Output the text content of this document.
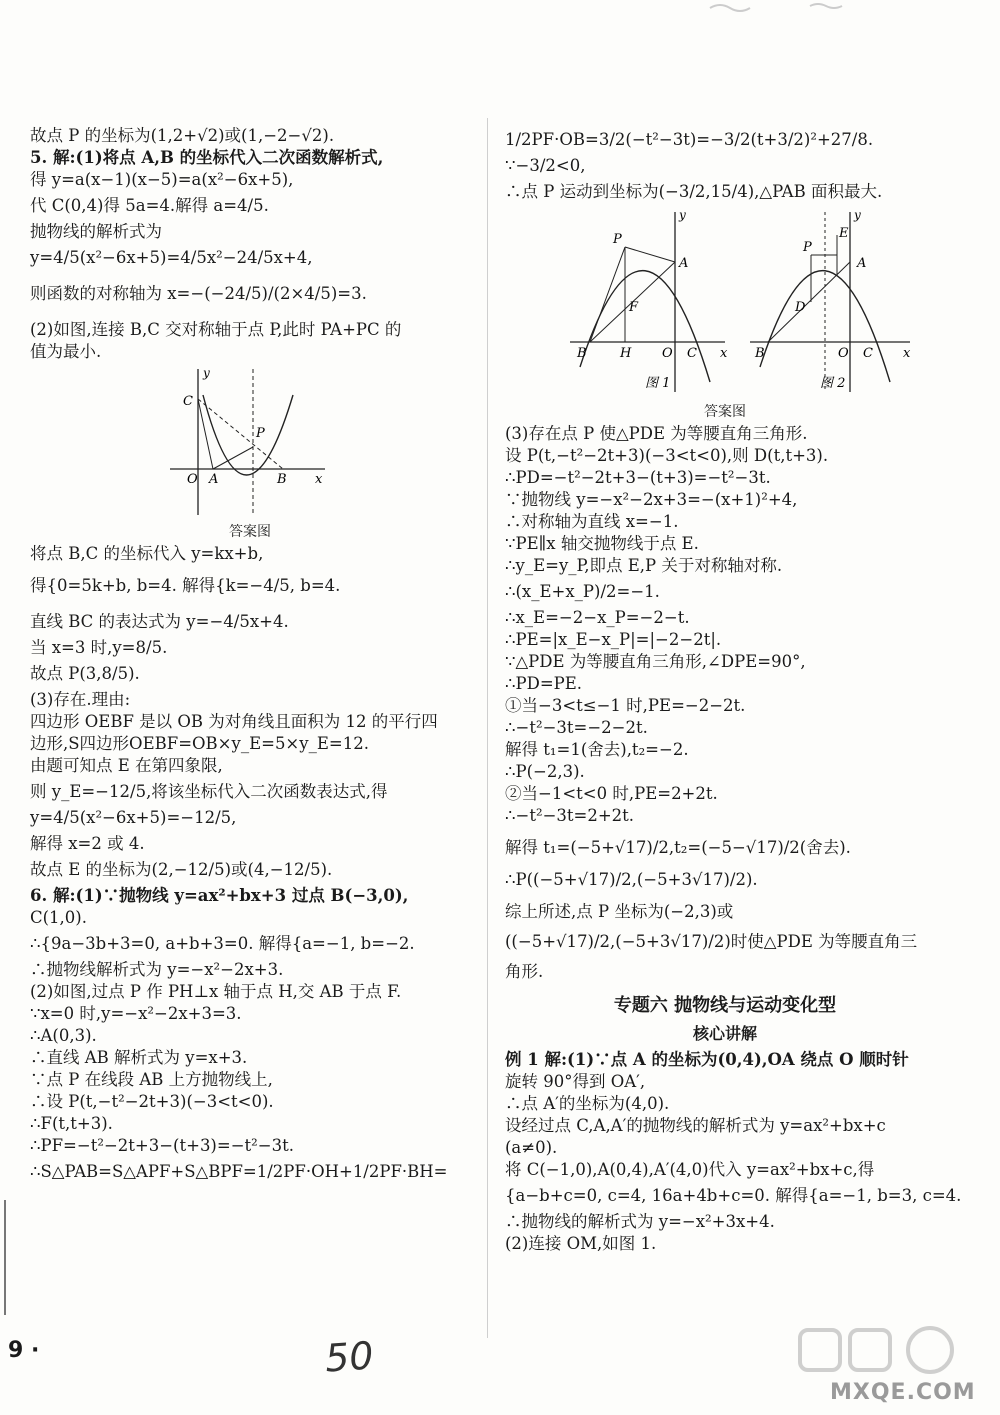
故点 P 的坐标为(1,2+√2)或(1,−2−√2).
5. 解:(1)将点 A,B 的坐标代入二次函数解析式,
得 y=a(x−1)(x−5)=a(x²−6x+5),
代 C(0,4)得 5a=4.解得 a=4/5.
抛物线的解析式为
y=4/5(x²−6x+5)=4/5x²−24/5x+4,
则函数的对称轴为 x=−(−24/5)/(2×4/5)=3.
(2)如图,连接 B,C 交对称轴于点 P,此时 PA+PC 的
值为最小.
y
C
P
O A	B x
答案图
将点 B,C 的坐标代入 y=kx+b,
得{0=5k+b, b=4. 解得{k=−4/5, b=4.
直线 BC 的表达式为 y=−4/5x+4.
当 x=3 时,y=8/5.
故点 P(3,8/5).
(3)存在.理由:
四边形 OEBF 是以 OB 为对角线且面积为 12 的平行四
边形,S四边形OEBF=OB×y_E=5×y_E=12.
由题可知点 E 在第四象限,
则 y_E=−12/5,将该坐标代入二次函数表达式,得
y=4/5(x²−6x+5)=−12/5,
解得 x=2 或 4.
故点 E 的坐标为(2,−12/5)或(4,−12/5).
6. 解:(1)∵抛物线 y=ax²+bx+3 过点 B(−3,0),
C(1,0).
∴{9a−3b+3=0, a+b+3=0. 解得{a=−1, b=−2.
∴抛物线解析式为 y=−x²−2x+3.
(2)如图,过点 P 作 PH⊥x 轴于点 H,交 AB 于点 F.
∵x=0 时,y=−x²−2x+3=3.
∴A(0,3).
∴直线 AB 解析式为 y=x+3.
∵点 P 在线段 AB 上方抛物线上,
∴设 P(t,−t²−2t+3)(−3<t<0).
∴F(t,t+3).
∴PF=−t²−2t+3−(t+3)=−t²−3t.
∴S△PAB=S△APF+S△BPF=1/2PF·OH+1/2PF·BH=
1/2PF·OB=3/2(−t²−3t)=−3/2(t+3/2)²+27/8.
∵−3/2<0,
∴点 P 运动到坐标为(−3/2,15/4),△PAB 面积最大.
y
P
A
F
B	H O C x
图 1
y
E
P
A
D
B	O C x
图 2
答案图
(3)存在点 P 使△PDE 为等腰直角三角形.
设 P(t,−t²−2t+3)(−3<t<0),则 D(t,t+3).
∴PD=−t²−2t+3−(t+3)=−t²−3t.
∵抛物线 y=−x²−2x+3=−(x+1)²+4,
∴对称轴为直线 x=−1.
∵PE∥x 轴交抛物线于点 E.
∴y_E=y_P,即点 E,P 关于对称轴对称.
∴(x_E+x_P)/2=−1.
∴x_E=−2−x_P=−2−t.
∴PE=|x_E−x_P|=|−2−2t|.
∵△PDE 为等腰直角三角形,∠DPE=90°,
∴PD=PE.
①当−3<t≤−1 时,PE=−2−2t.
∴−t²−3t=−2−2t.
解得 t₁=1(舍去),t₂=−2.
∴P(−2,3).
②当−1<t<0 时,PE=2+2t.
∴−t²−3t=2+2t.
解得 t₁=(−5+√17)/2,t₂=(−5−√17)/2(舍去).
∴P((−5+√17)/2,(−5+3√17)/2).
综上所述,点 P 坐标为(−2,3)或
((−5+√17)/2,(−5+3√17)/2)时使△PDE 为等腰直角三
角形.
专题六 抛物线与运动变化型
核心讲解
例 1 解:(1)∵点 A 的坐标为(0,4),OA 绕点 O 顺时针
旋转 90°得到 OA′,
∴点 A′的坐标为(4,0).
设经过点 C,A,A′的抛物线的解析式为 y=ax²+bx+c
(a≠0).
将 C(−1,0),A(0,4),A′(4,0)代入 y=ax²+bx+c,得
{a−b+c=0, c=4, 16a+4b+c=0. 解得{a=−1, b=3, c=4.
∴抛物线的解析式为 y=−x²+3x+4.
(2)连接 OM,如图 1.
9 ·	50
MXQE.COM
